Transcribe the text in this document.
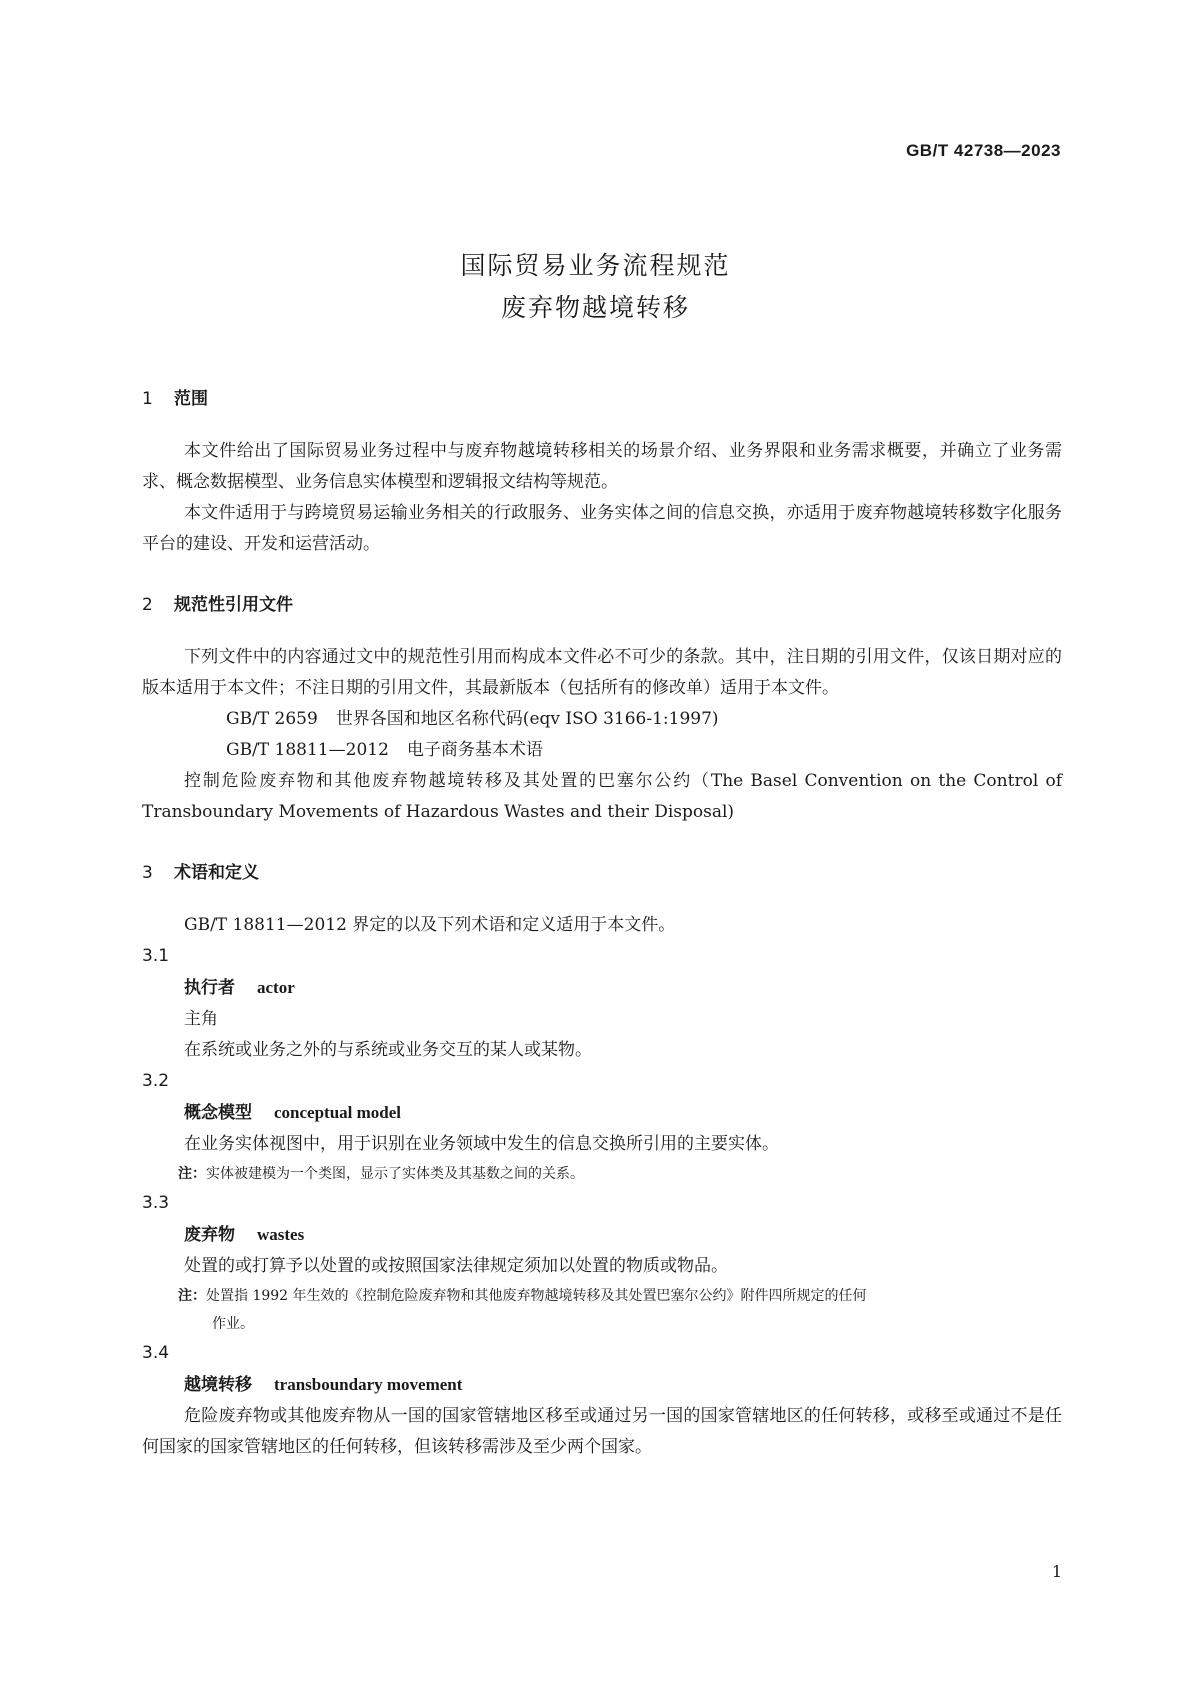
GB/T 42738—2023
国际贸易业务流程规范
废弃物越境转移
1	范围

本文件给出了国际贸易业务过程中与废弃物越境转移相关的场景介绍、业务界限和业务需求概要，并确立了业务需求、概念数据模型、业务信息实体模型和逻辑报文结构等规范。

本文件适用于与跨境贸易运输业务相关的行政服务、业务实体之间的信息交换，亦适用于废弃物越境转移数字化服务平台的建设、开发和运营活动。

2	规范性引用文件

下列文件中的内容通过文中的规范性引用而构成本文件必不可少的条款。其中，注日期的引用文件，仅该日期对应的版本适用于本文件；不注日期的引用文件，其最新版本（包括所有的修改单）适用于本文件。

GB/T 2659 世界各国和地区名称代码(eqv ISO 3166-1:1997)

GB/T 18811—2012 电子商务基本术语

控制危险废弃物和其他废弃物越境转移及其处置的巴塞尔公约（The Basel Convention on the Control of Transboundary Movements of Hazardous Wastes and their Disposal)

3	术语和定义

GB/T 18811—2012 界定的以及下列术语和定义适用于本文件。

3.1
执行者 actor
主角
在系统或业务之外的与系统或业务交互的某人或某物。
3.2
概念模型 conceptual model
在业务实体视图中，用于识别在业务领域中发生的信息交换所引用的主要实体。
注：实体被建模为一个类图，显示了实体类及其基数之间的关系。
3.3
废弃物 wastes
处置的或打算予以处置的或按照国家法律规定须加以处置的物质或物品。
注：处置指 1992 年生效的《控制危险废弃物和其他废弃物越境转移及其处置巴塞尔公约》附件四所规定的任何
作业。
3.4
越境转移 transboundary movement

危险废弃物或其他废弃物从一国的国家管辖地区移至或通过另一国的国家管辖地区的任何转移，或移至或通过不是任何国家的国家管辖地区的任何转移，但该转移需涉及至少两个国家。

1
